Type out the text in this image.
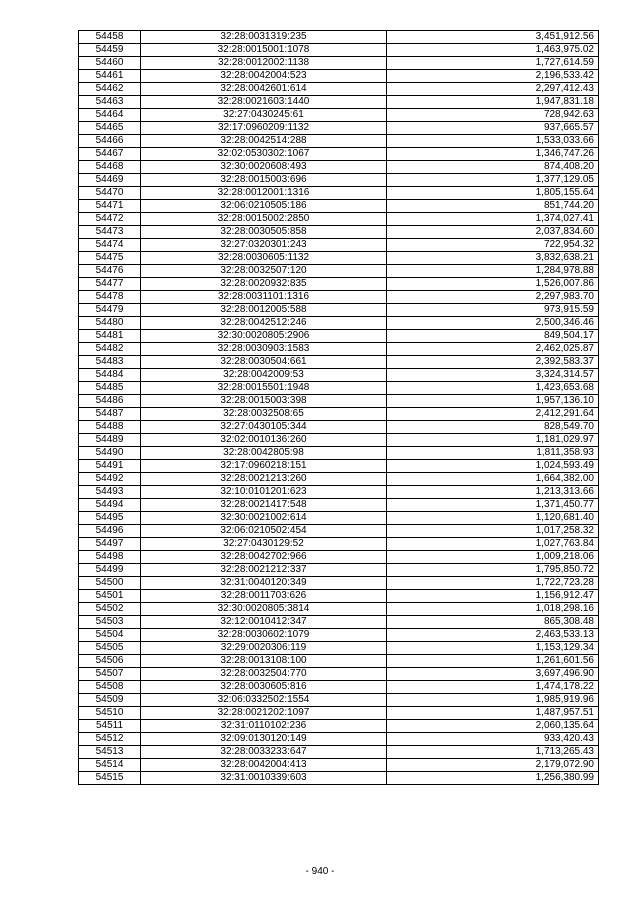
54458	32:28:0031319:235	3,451,912.56
54459	32:28:0015001:1078	1,463,975.02
54460	32:28:0012002:1138	1,727,614.59
54461	32:28:0042004:523	2,196,533.42
54462	32:28:0042601:614	2,297,412.43
54463	32:28:0021603:1440	1,947,831.18
54464	32:27:0430245:61	728,942.63
54465	32:17:0960209:1132	937,665.57
54466	32:28:0042514:288	1,533,033.66
54467	32:02:0530302:1067	1,346,747.26
54468	32:30:0020608:493	874,408.20
54469	32:28:0015003:696	1,377,129.05
54470	32:28:0012001:1316	1,805,155.64
54471	32:06:0210505:186	851,744.20
54472	32:28:0015002:2850	1,374,027.41
54473	32:28:0030505:858	2,037,834.60
54474	32:27:0320301:243	722,954.32
54475	32:28:0030605:1132	3,832,638.21
54476	32:28:0032507:120	1,284,978.88
54477	32:28:0020932:835	1,526,007.86
54478	32:28:0031101:1316	2,297,983.70
54479	32:28:0012005:588	973,915.59
54480	32:28:0042512:246	2,500,346.46
54481	32:30:0020805:2906	849,504.17
54482	32:28:0030903:1583	2,462,025.87
54483	32:28:0030504:661	2,392,583.37
54484	32:28:0042009:53	3,324,314.57
54485	32:28:0015501:1948	1,423,653.68
54486	32:28:0015003:398	1,957,136.10
54487	32:28:0032508:65	2,412,291.64
54488	32:27:0430105:344	828,549.70
54489	32:02:0010136:260	1,181,029.97
54490	32:28:0042805:98	1,811,358.93
54491	32:17:0960218:151	1,024,593.49
54492	32:28:0021213:260	1,664,382.00
54493	32:10:0101201:623	1,213,313.66
54494	32:28:0021417:548	1,371,450.77
54495	32:30:0021002:614	1,120,681.40
54496	32:06:0210502:454	1,017,258.32
54497	32:27:0430129:52	1,027,763.84
54498	32:28:0042702:966	1,009,218.06
54499	32:28:0021212:337	1,795,850.72
54500	32:31:0040120:349	1,722,723.28
54501	32:28:0011703:626	1,156,912.47
54502	32:30:0020805:3814	1,018,298.16
54503	32:12:0010412:347	865,308.48
54504	32:28:0030602:1079	2,463,533.13
54505	32:29:0020306:119	1,153,129.34
54506	32:28:0013108:100	1,261,601.56
54507	32:28:0032504:770	3,697,496.90
54508	32:28:0030605:816	1,474,178.22
54509	32:06:0332502:1554	1,985,919.96
54510	32:28:0021202:1097	1,487,957.51
54511	32:31:0110102:236	2,060,135.64
54512	32:09:0130120:149	933,420.43
54513	32:28:0033233:647	1,713,265.43
54514	32:28:0042004:413	2,179,072.90
54515	32:31:0010339:603	1,256,380.99
- 940 -
